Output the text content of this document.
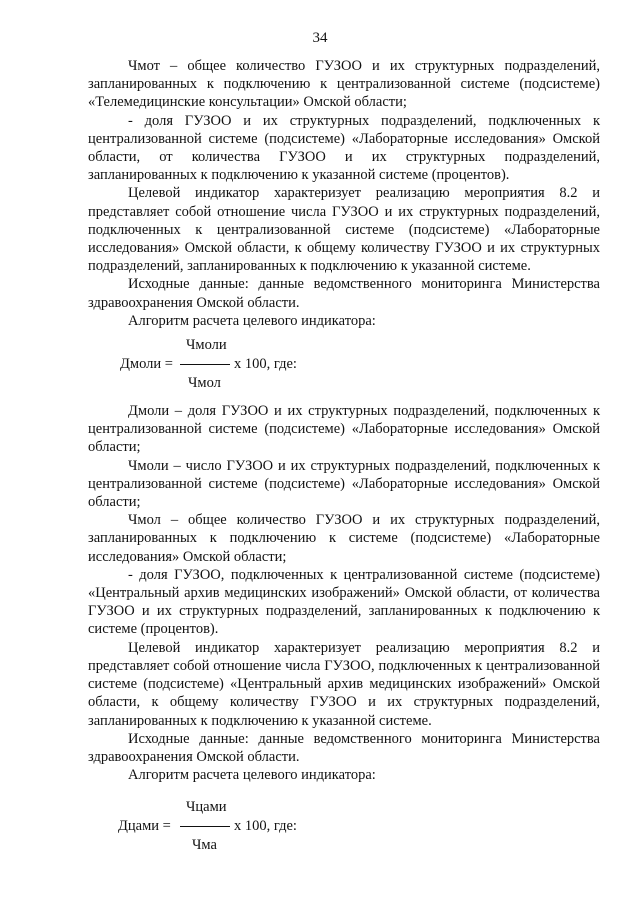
34
Чмот – общее количество ГУЗОО и их структурных подразделений, запланированных к подключению к централизованной системе (подсистеме) «Телемедицинские консультации» Омской области;
- доля ГУЗОО и их структурных подразделений, подключенных к централизованной системе (подсистеме) «Лабораторные исследования» Омской области, от количества ГУЗОО и их структурных подразделений, запланированных к подключению к указанной системе (процентов).
Целевой индикатор характеризует реализацию мероприятия 8.2 и представляет собой отношение числа ГУЗОО и их структурных подразделений, подключенных к централизованной системе (подсистеме) «Лабораторные исследования» Омской области, к общему количеству ГУЗОО и их структурных подразделений, запланированных к подключению к указанной системе.
Исходные данные: данные ведомственного мониторинга Министерства здравоохранения Омской области.
Алгоритм расчета целевого индикатора:
Чмоли
Дмоли =	х 100, где:
Чмол
Дмоли – доля ГУЗОО и их структурных подразделений, подключенных к централизованной системе (подсистеме) «Лабораторные исследования» Омской области;
Чмоли – число ГУЗОО и их структурных подразделений, подключенных к централизованной системе (подсистеме) «Лабораторные исследования» Омской области;
Чмол – общее количество ГУЗОО и их структурных подразделений, запланированных к подключению к системе (подсистеме) «Лабораторные исследования» Омской области;
- доля ГУЗОО, подключенных к централизованной системе (подсистеме) «Центральный архив медицинских изображений» Омской области, от количества ГУЗОО и их структурных подразделений, запланированных к подключению к системе (процентов).
Целевой индикатор характеризует реализацию мероприятия 8.2 и представляет собой отношение числа ГУЗОО, подключенных к централизованной системе (подсистеме) «Центральный архив медицинских изображений» Омской области, к общему количеству ГУЗОО и их структурных подразделений, запланированных к подключению к указанной системе.
Исходные данные: данные ведомственного мониторинга Министерства здравоохранения Омской области.
Алгоритм расчета целевого индикатора:
Чцами
Дцами =	х 100, где:
Чма
